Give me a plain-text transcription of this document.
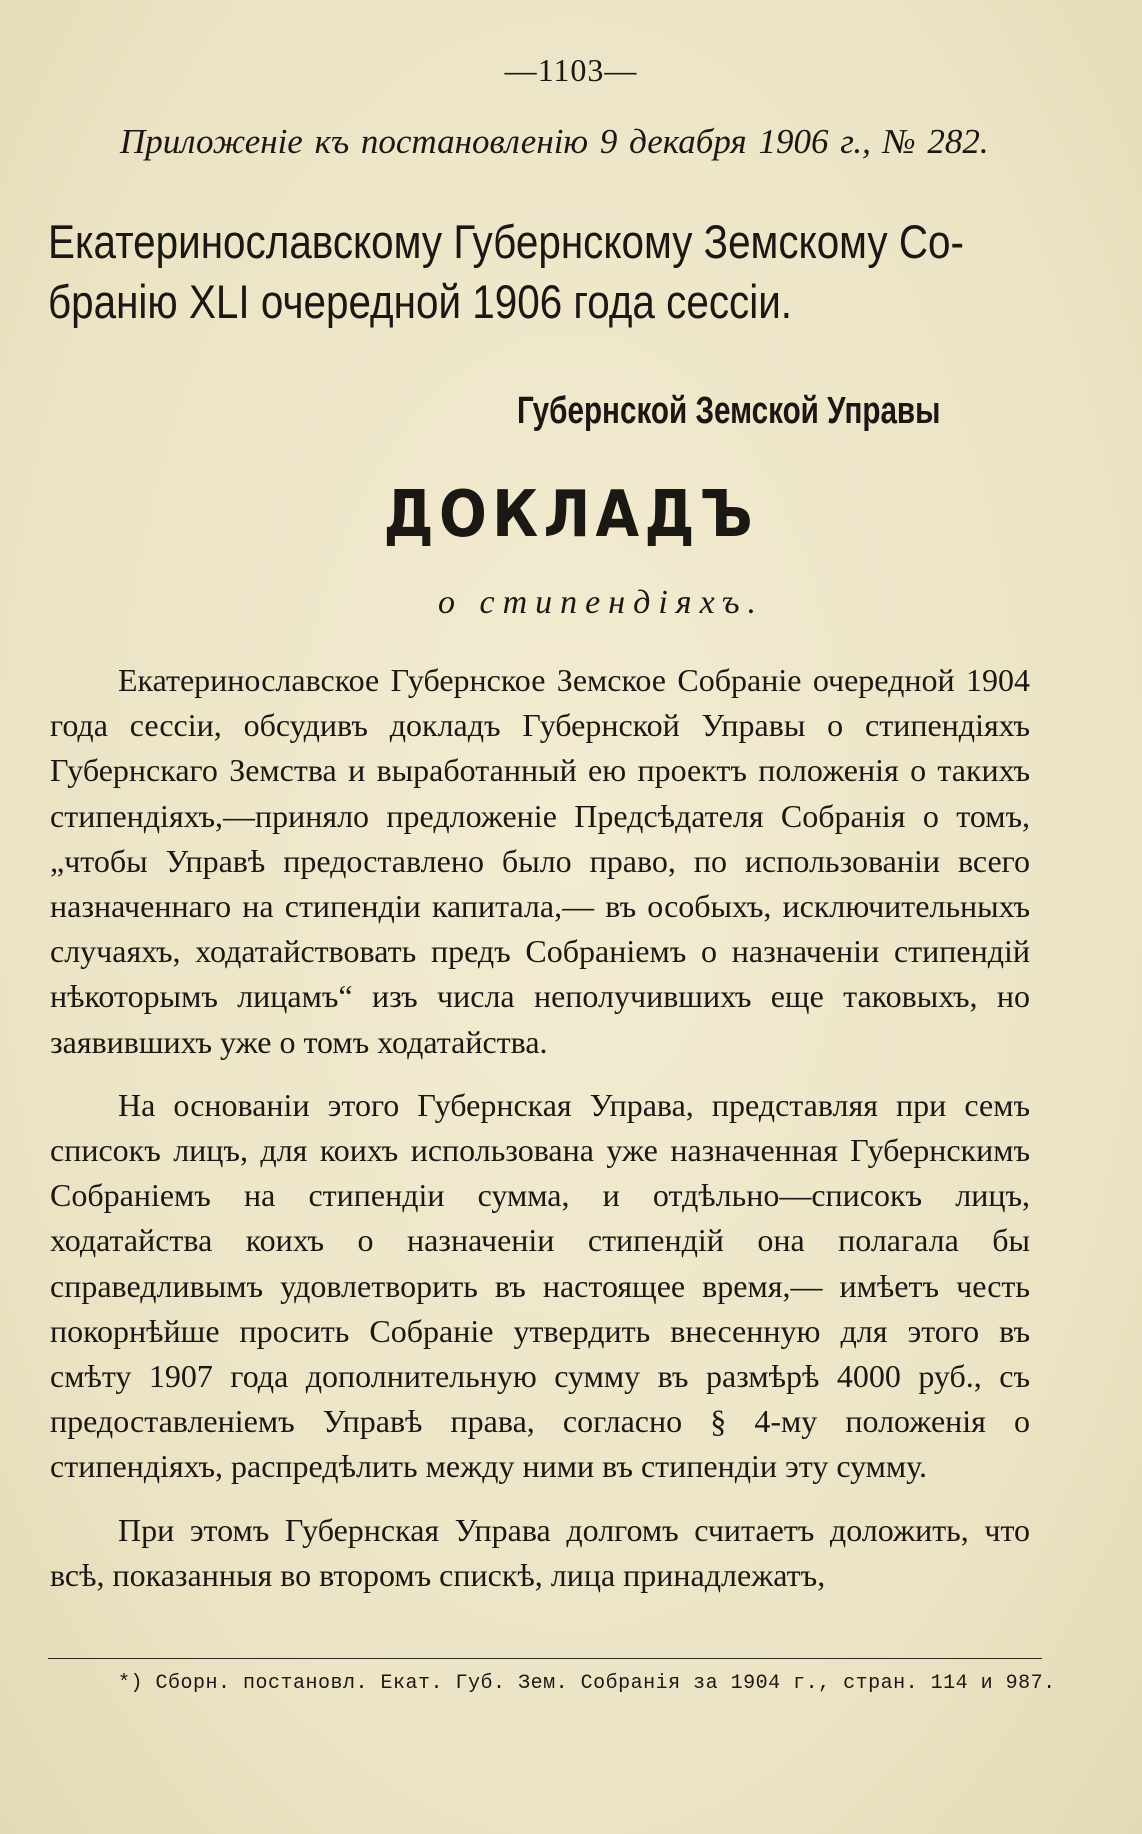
—1103—
Приложеніе къ постановленію 9 декабря 1906 г., № 282.
Екатеринославскому Губернскому Земскому Со-
бранію XLI очередной 1906 года сессіи.
Губернской Земской Управы
ДОКЛАДЪ
о стипендіяхъ.

Екатеринославское Губернское Земское Собраніе очередной 1904 года сессіи, обсудивъ докладъ Губернской Управы о стипендіяхъ Губернскаго Земства и выработанный ею проектъ положенія о такихъ стипендіяхъ,—приняло предложеніе Предсѣдателя Собранія о томъ, „чтобы Управѣ предоставлено было право, по использованіи всего назначеннаго на стипендіи капитала,— въ особыхъ, исключительныхъ случаяхъ, ходатайствовать предъ Собраніемъ о назначеніи стипендій нѣкоторымъ лицамъ“ изъ числа неполучившихъ еще таковыхъ, но заявившихъ уже о томъ ходатайства.

На основаніи этого Губернская Управа, представляя при семъ списокъ лицъ, для коихъ использована уже назначенная Губернскимъ Собраніемъ на стипендіи сумма, и отдѣльно—списокъ лицъ, ходатайства коихъ о назначеніи стипендій она полагала бы справедливымъ удовлетворить въ настоящее время,— имѣетъ честь покорнѣйше просить Собраніе утвердить внесенную для этого въ смѣту 1907 года дополнительную сумму въ размѣрѣ 4000 руб., съ предоставленіемъ Управѣ права, согласно § 4-му положенія о стипендіяхъ, распредѣлить между ними въ стипендіи эту сумму.

При этомъ Губернская Управа долгомъ считаетъ доложить, что всѣ, показанныя во второмъ спискѣ, лица принадлежатъ,

*) Сборн. постановл. Екат. Губ. Зем. Собранія за 1904 г., стран. 114 и 987.
